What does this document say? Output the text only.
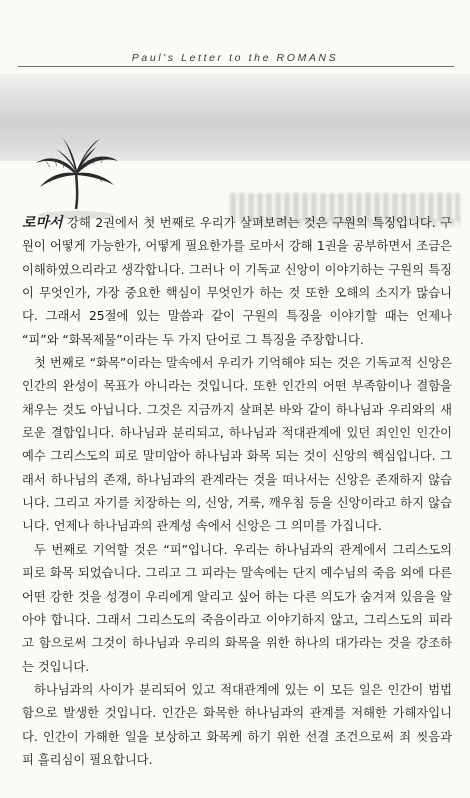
Paul's Letter to the ROMANS

로마서 강해 2권에서 첫 번째로 우리가 살펴보려는 것은 구원의 특징입니다. 구원이 어떻게 가능한가, 어떻게 필요한가를 로마서 강해 1권을 공부하면서 조금은 이해하였으리라고 생각합니다. 그러나 이 기독교 신앙이 이야기하는 구원의 특징이 무엇인가, 가장 중요한 핵심이 무엇인가 하는 것 또한 오해의 소지가 많습니다. 그래서 25절에 있는 말씀과 같이 구원의 특징을 이야기할 때는 언제나 “피”와 “화목제물”이라는 두 가지 단어로 그 특징을 주장합니다.

첫 번째로 “화목”이라는 말속에서 우리가 기억해야 되는 것은 기독교적 신앙은 인간의 완성이 목표가 아니라는 것입니다. 또한 인간의 어떤 부족함이나 결함을 채우는 것도 아닙니다. 그것은 지금까지 살펴본 바와 같이 하나님과 우리와의 새로운 결합입니다. 하나님과 분리되고, 하나님과 적대관계에 있던 죄인인 인간이 예수 그리스도의 피로 말미암아 하나님과 화목 되는 것이 신앙의 핵심입니다. 그래서 하나님의 존재, 하나님과의 관계라는 것을 떠나서는 신앙은 존재하지 않습니다. 그리고 자기를 치장하는 의, 신앙, 거룩, 깨우침 등을 신앙이라고 하지 않습니다. 언제나 하나님과의 관계성 속에서 신앙은 그 의미를 가집니다.

두 번째로 기억할 것은 “피”입니다. 우리는 하나님과의 관계에서 그리스도의 피로 화목 되었습니다. 그리고 그 피라는 말속에는 단지 예수님의 죽음 외에 다른 어떤 강한 것을 성경이 우리에게 알리고 싶어 하는 다른 의도가 숨겨져 있음을 알아야 합니다. 그래서 그리스도의 죽음이라고 이야기하지 않고, 그리스도의 피라고 함으로써 그것이 하나님과 우리의 화목을 위한 하나의 대가라는 것을 강조하는 것입니다.

하나님과의 사이가 분리되어 있고 적대관계에 있는 이 모든 일은 인간이 범법함으로 발생한 것입니다. 인간은 화목한 하나님과의 관계를 저해한 가해자입니다. 인간이 가해한 일을 보상하고 화목케 하기 위한 선결 조건으로써 죄 씻음과 피 흘리심이 필요합니다.
